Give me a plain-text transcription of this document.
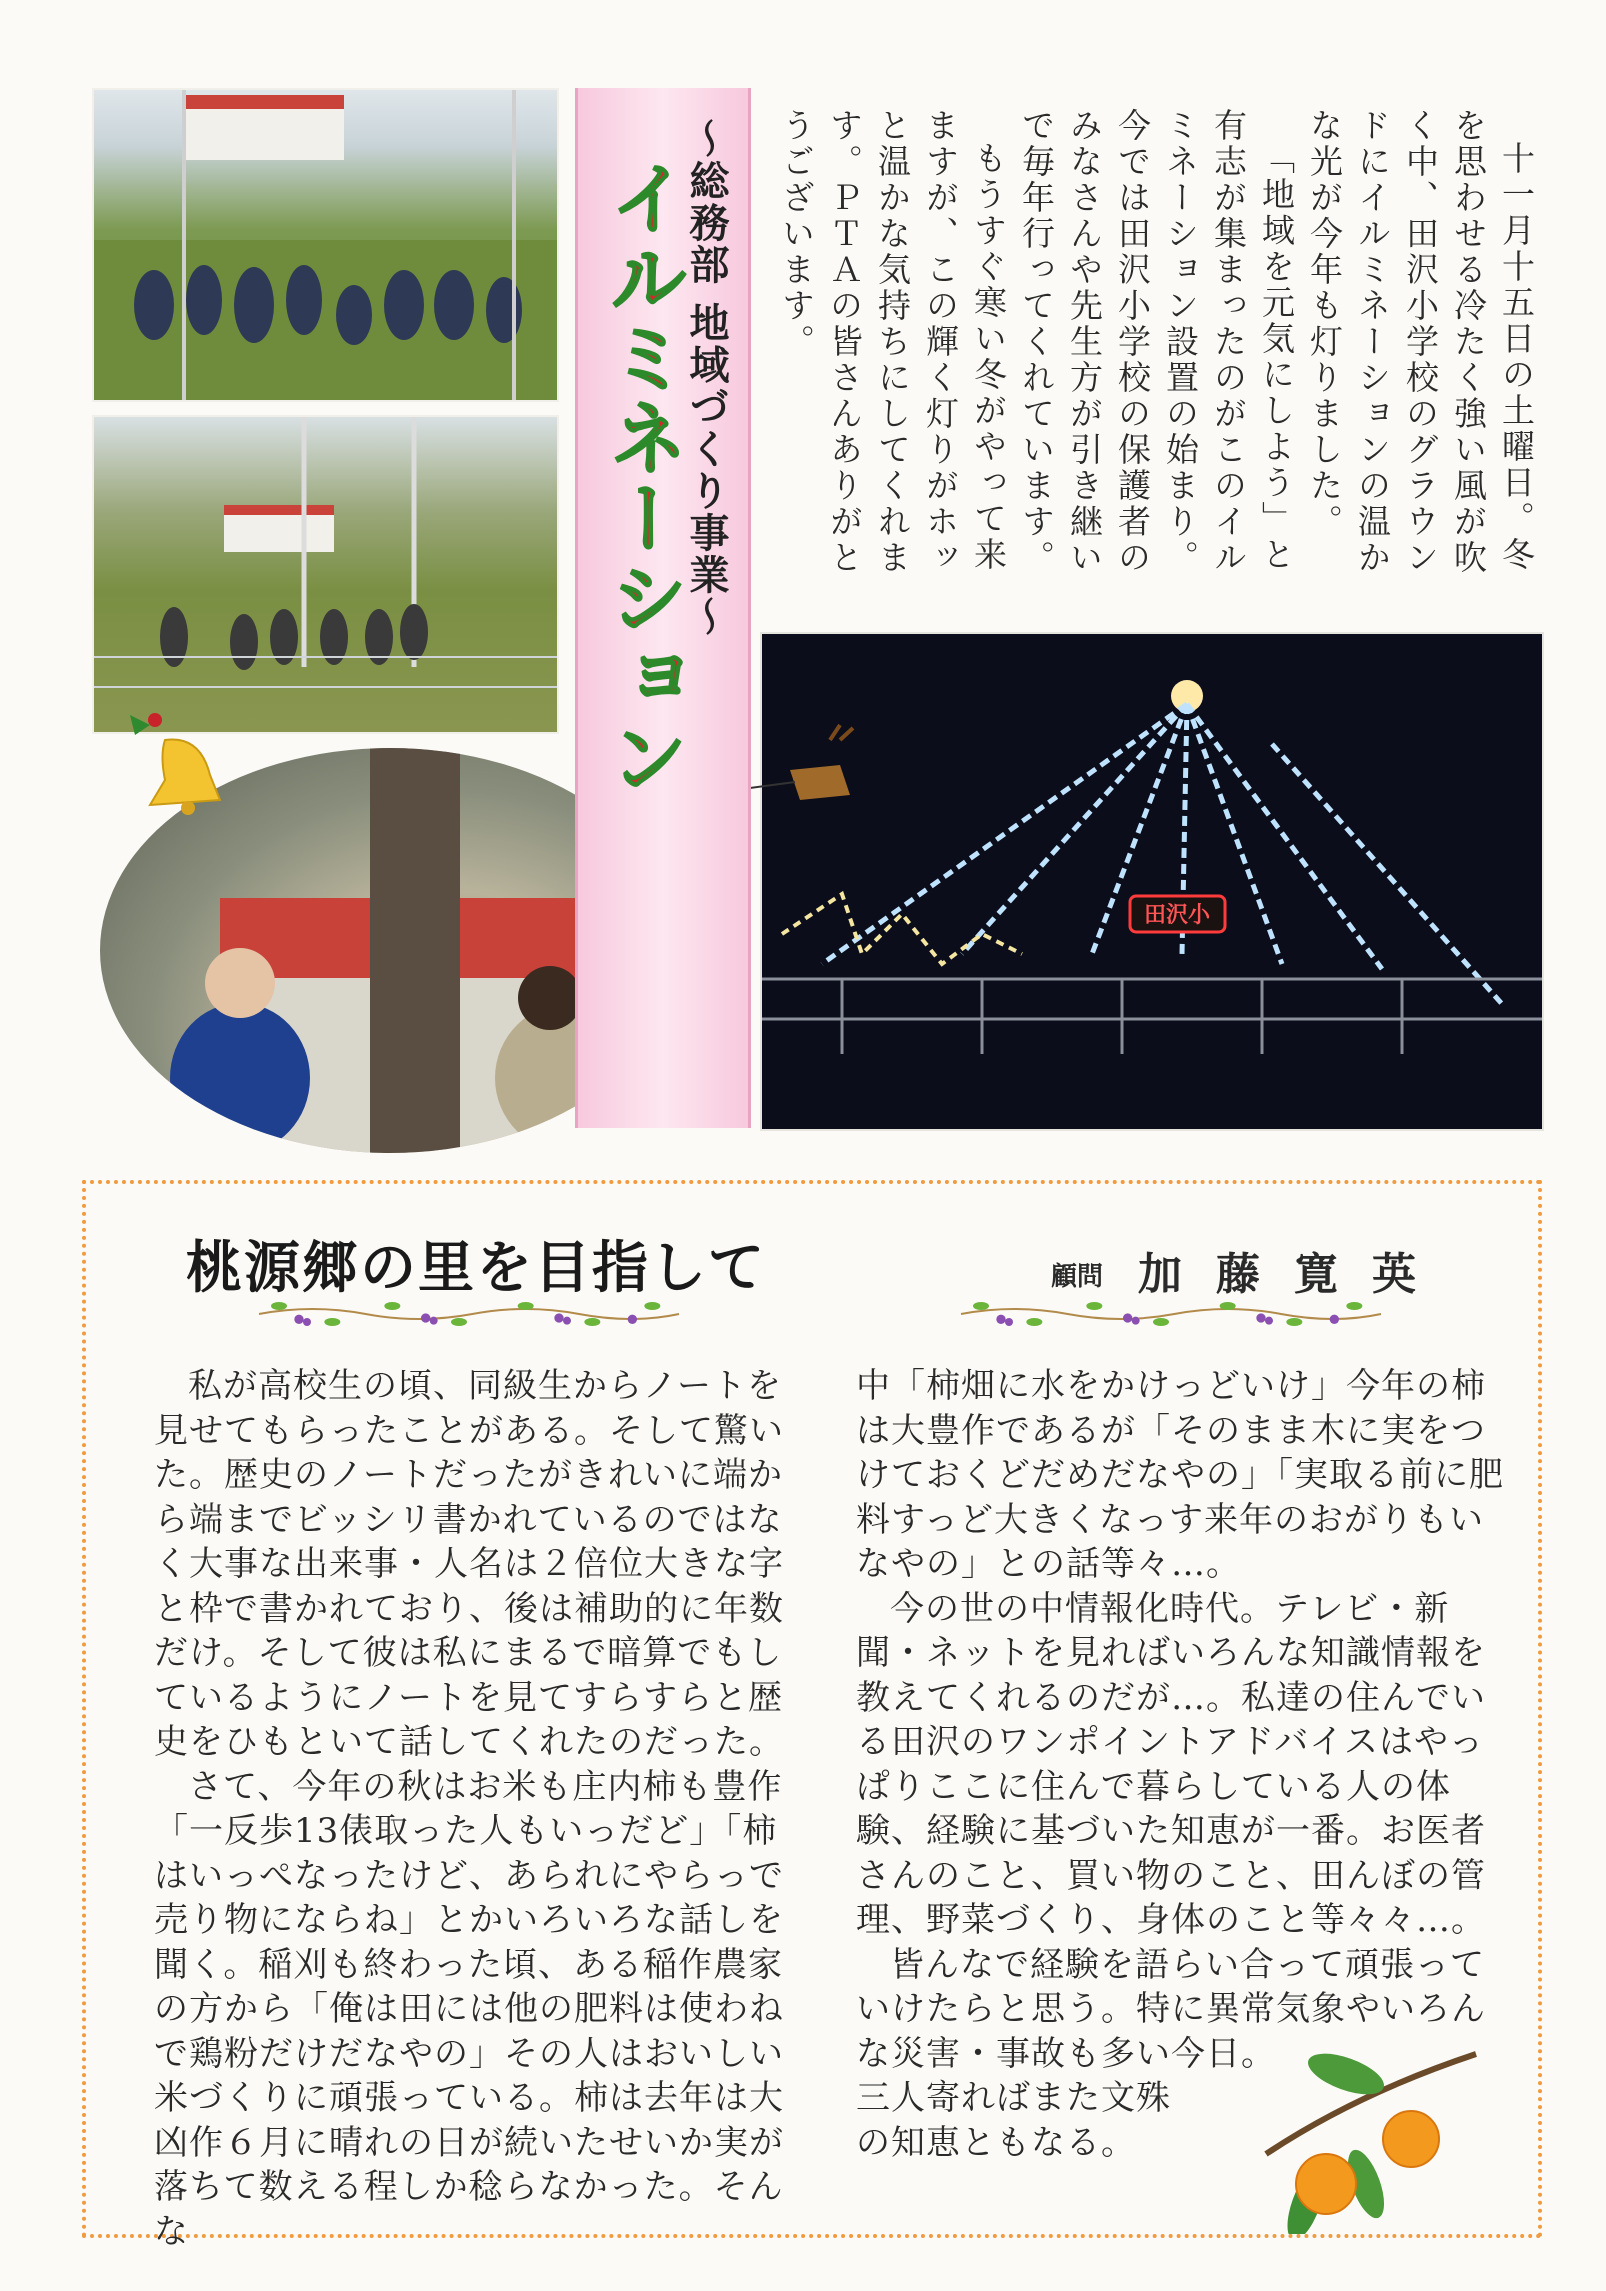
田沢小
イルミネーション
～総務部 地域づくり事業～	十一月十五日の土曜日。冬を思わせる冷たく強い風が吹く中、田沢小学校のグラウンドにイルミネーションの温かな光が今年も灯りました。

「地域を元気にしよう」と有志が集まったのがこのイルミネーション設置の始まり。今では田沢小学校の保護者のみなさんや先生方が引き継いで毎年行ってくれています。

もうすぐ寒い冬がやって来ますが、この輝く灯りがホッと温かな気持ちにしてくれます。ＰＴＡの皆さんありがとうございます。

桃源郷の里を目指して	顧問 加藤寛英

私が高校生の頃、同級生からノートを見せてもらったことがある。そして驚いた。歴史のノートだったがきれいに端から端までビッシリ書かれているのではなく大事な出来事・人名は２倍位大きな字と枠で書かれており、後は補助的に年数だけ。そして彼は私にまるで暗算でもしているようにノートを見てすらすらと歴史をひもといて話してくれたのだった。

さて、今年の秋はお米も庄内柿も豊作「一反歩13俵取った人もいっだど」「柿はいっぺなったけど、あられにやらっで売り物にならね」とかいろいろな話しを聞く。稲刈も終わった頃、ある稲作農家の方から「俺は田には他の肥料は使わねで鶏粉だけだなやの」その人はおいしい米づくりに頑張っている。柿は去年は大凶作６月に晴れの日が続いたせいか実が落ちて数える程しか稔らなかった。そんな

中「柿畑に水をかけっどいけ」今年の柿は大豊作であるが「そのまま木に実をつけておくどだめだなやの」「実取る前に肥料すっど大きくなっす来年のおがりもいなやの」との話等々…。

今の世の中情報化時代。テレビ・新聞・ネットを見ればいろんな知識情報を教えてくれるのだが…。私達の住んでいる田沢のワンポイントアドバイスはやっぱりここに住んで暮らしている人の体験、経験に基づいた知恵が一番。お医者さんのこと、買い物のこと、田んぼの管理、野菜づくり、身体のこと等々々…。

皆んなで経験を語らい合って頑張っていけたらと思う。特に異常気象やいろんな災害・事故も多い今日。

三人寄ればまた文殊の知恵ともなる。
